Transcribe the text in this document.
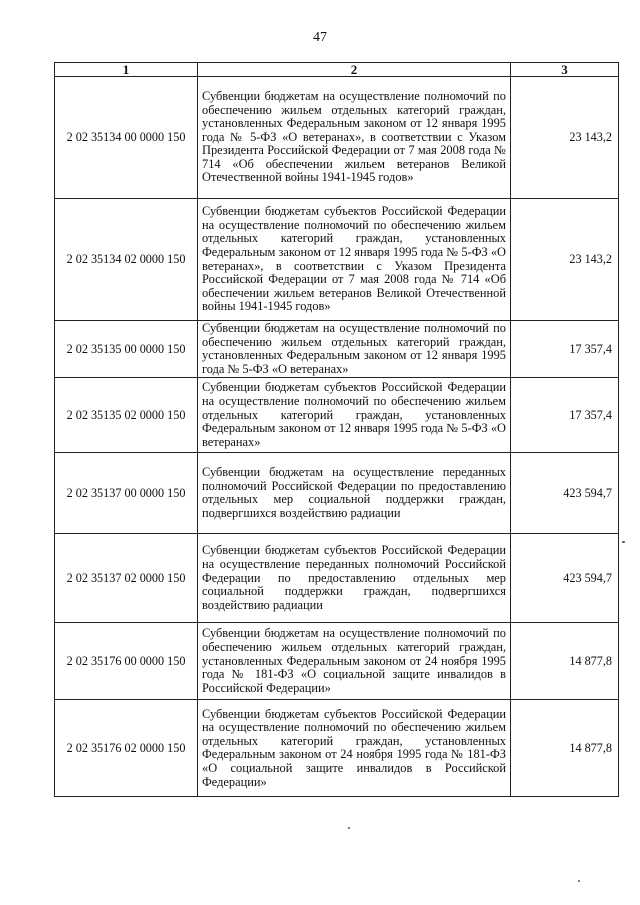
47
1	2	3
2 02 35134 00 0000 150	Субвенции бюджетам на осуществление полномочий по обеспечению жильем отдельных категорий граждан, установленных Федеральным законом от 12 января 1995 года № 5-ФЗ «О ветеранах», в соответствии с Указом Президента Российской Федерации от 7 мая 2008 года № 714 «Об обеспечении жильем ветеранов Великой Отечественной войны 1941-1945 годов»	23 143,2
2 02 35134 02 0000 150	Субвенции бюджетам субъектов Российской Федерации на осуществление полномочий по обеспечению жильем отдельных категорий граждан, установленных Федеральным законом от 12 января 1995 года № 5-ФЗ «О ветеранах», в соответствии с Указом Президента Российской Федерации от 7 мая 2008 года № 714 «Об обеспечении жильем ветеранов Великой Отечественной войны 1941-1945 годов»	23 143,2
2 02 35135 00 0000 150	Субвенции бюджетам на осуществление полномочий по обеспечению жильем отдельных категорий граждан, установленных Федеральным законом от 12 января 1995 года № 5-ФЗ «О ветеранах»	17 357,4
2 02 35135 02 0000 150	Субвенции бюджетам субъектов Российской Федерации на осуществление полномочий по обеспечению жильем отдельных категорий граждан, установленных Федеральным законом от 12 января 1995 года № 5-ФЗ «О ветеранах»	17 357,4
2 02 35137 00 0000 150	Субвенции бюджетам на осуществление переданных полномочий Российской Федерации по предоставлению отдельных мер социальной поддержки граждан, подвергшихся воздействию радиации	423 594,7
2 02 35137 02 0000 150	Субвенции бюджетам субъектов Российской Федерации на осуществление переданных полномочий Российской Федерации по предоставлению отдельных мер социальной поддержки граждан, подвергшихся воздействию радиации	423 594,7
2 02 35176 00 0000 150	Субвенции бюджетам на осуществление полномочий по обеспечению жильем отдельных категорий граждан, установленных Федеральным законом от 24 ноября 1995 года № 181-ФЗ «О социальной защите инвалидов в Российской Федерации»	14 877,8
2 02 35176 02 0000 150	Субвенции бюджетам субъектов Российской Федерации на осуществление полномочий по обеспечению жильем отдельных категорий граждан, установленных Федеральным законом от 24 ноября 1995 года № 181-ФЗ «О социальной защите инвалидов в Российской Федерации»	14 877,8
